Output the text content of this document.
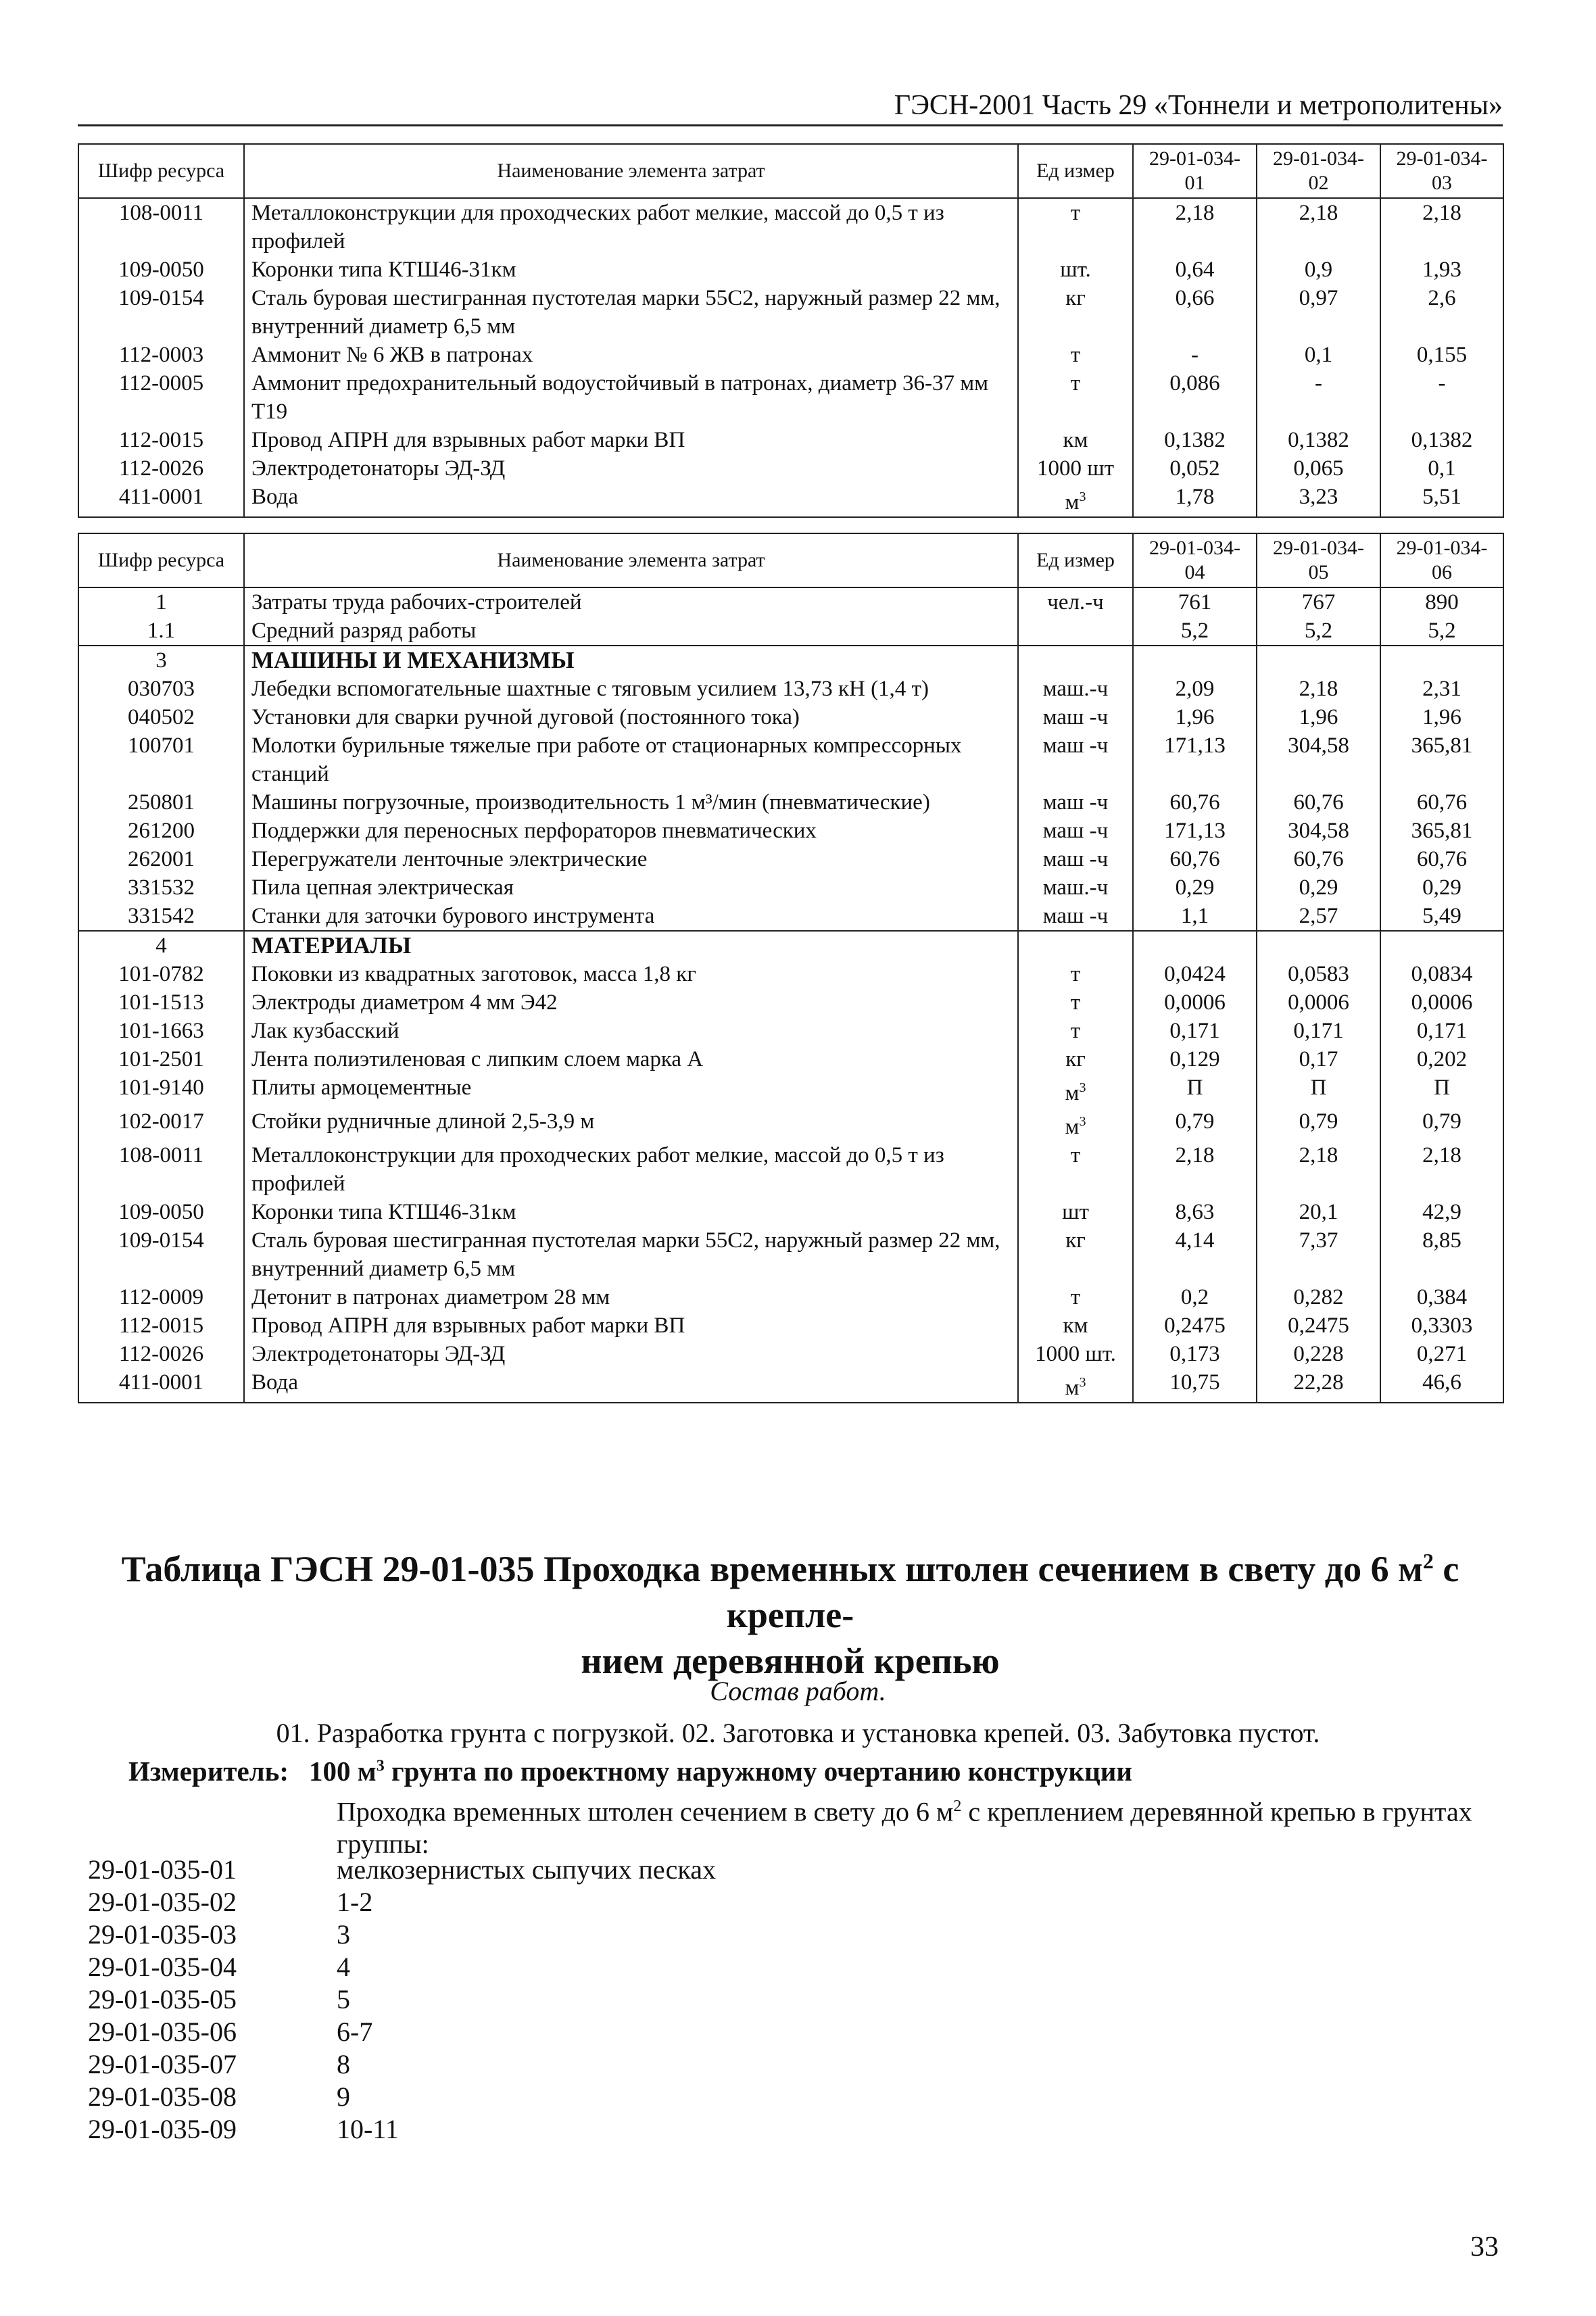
ГЭСН-2001 Часть 29 «Тоннели и метрополитены»
Шифр ресурса	Наименование элемента затрат	Ед измер	29-01-034-01	29-01-034-02	29-01-034-03
108-0011	Металлоконструкции для проходческих работ мелкие, массой до 0,5 т из профилей	т	2,18	2,18	2,18
109-0050	Коронки типа КТШ46-31км	шт.	0,64	0,9	1,93
109-0154	Сталь буровая шестигранная пустотелая марки 55С2, наружный размер 22 мм, внутренний диаметр 6,5 мм	кг	0,66	0,97	2,6
112-0003	Аммонит № 6 ЖВ в патронах	т	-	0,1	0,155
112-0005	Аммонит предохранительный водоустойчивый в патронах, диаметр 36-37 мм Т19	т	0,086	-	-
112-0015	Провод АПРН для взрывных работ марки ВП	км	0,1382	0,1382	0,1382
112-0026	Электродетонаторы ЭД-ЗД	1000 шт	0,052	0,065	0,1
411-0001	Вода	$м^3$	1,78	3,23	5,51
Шифр ресурса	Наименование элемента затрат	Ед измер	29-01-034-04	29-01-034-05	29-01-034-06
1	Затраты труда рабочих-строителей	чел.-ч	761	767	890
1.1	Средний разряд работы		5,2	5,2	5,2
3	МАШИНЫ И МЕХАНИЗМЫ				
030703	Лебедки вспомогательные шахтные с тяговым усилием 13,73 кН (1,4 т)	маш.-ч	2,09	2,18	2,31
040502	Установки для сварки ручной дуговой (постоянного тока)	маш -ч	1,96	1,96	1,96
100701	Молотки бурильные тяжелые при работе от стационарных компрессорных станций	маш -ч	171,13	304,58	365,81
250801	Машины погрузочные, производительность 1 м³/мин (пневматические)	маш -ч	60,76	60,76	60,76
261200	Поддержки для переносных перфораторов пневматических	маш -ч	171,13	304,58	365,81
262001	Перегружатели ленточные электрические	маш -ч	60,76	60,76	60,76
331532	Пила цепная электрическая	маш.-ч	0,29	0,29	0,29
331542	Станки для заточки бурового инструмента	маш -ч	1,1	2,57	5,49
4	МАТЕРИАЛЫ				
101-0782	Поковки из квадратных заготовок, масса 1,8 кг	т	0,0424	0,0583	0,0834
101-1513	Электроды диаметром 4 мм Э42	т	0,0006	0,0006	0,0006
101-1663	Лак кузбасский	т	0,171	0,171	0,171
101-2501	Лента полиэтиленовая с липким слоем марка А	кг	0,129	0,17	0,202
101-9140	Плиты армоцементные	$м^3$	П	П	П
102-0017	Стойки рудничные длиной 2,5-3,9 м	$м^3$	0,79	0,79	0,79
108-0011	Металлоконструкции для проходческих работ мелкие, массой до 0,5 т из профилей	т	2,18	2,18	2,18
109-0050	Коронки типа КТШ46-31км	шт	8,63	20,1	42,9
109-0154	Сталь буровая шестигранная пустотелая марки 55С2, наружный размер 22 мм, внутренний диаметр 6,5 мм	кг	4,14	7,37	8,85
112-0009	Детонит в патронах диаметром 28 мм	т	0,2	0,282	0,384
112-0015	Провод АПРН для взрывных работ марки ВП	км	0,2475	0,2475	0,3303
112-0026	Электродетонаторы ЭД-ЗД	1000 шт.	0,173	0,228	0,271
411-0001	Вода	$м^3$	10,75	22,28	46,6
Таблица ГЭСН 29-01-035 Проходка временных штолен сечением в свету до 6 $м^2$ с крепле-
нием деревянной крепью
Состав работ.
01. Разработка грунта с погрузкой. 02. Заготовка и установка крепей. 03. Забутовка пустот.
Измеритель: 100 $м^3$ грунта по проектному наружному очертанию конструкции
Проходка временных штолен сечением в свету до 6 $м^2$ с креплением деревянной крепью в грунтах группы:
29-01-035-01	мелкозернистых сыпучих песках
29-01-035-02	1-2
29-01-035-03	3
29-01-035-04	4
29-01-035-05	5
29-01-035-06	6-7
29-01-035-07	8
29-01-035-08	9
29-01-035-09	10-11
33
